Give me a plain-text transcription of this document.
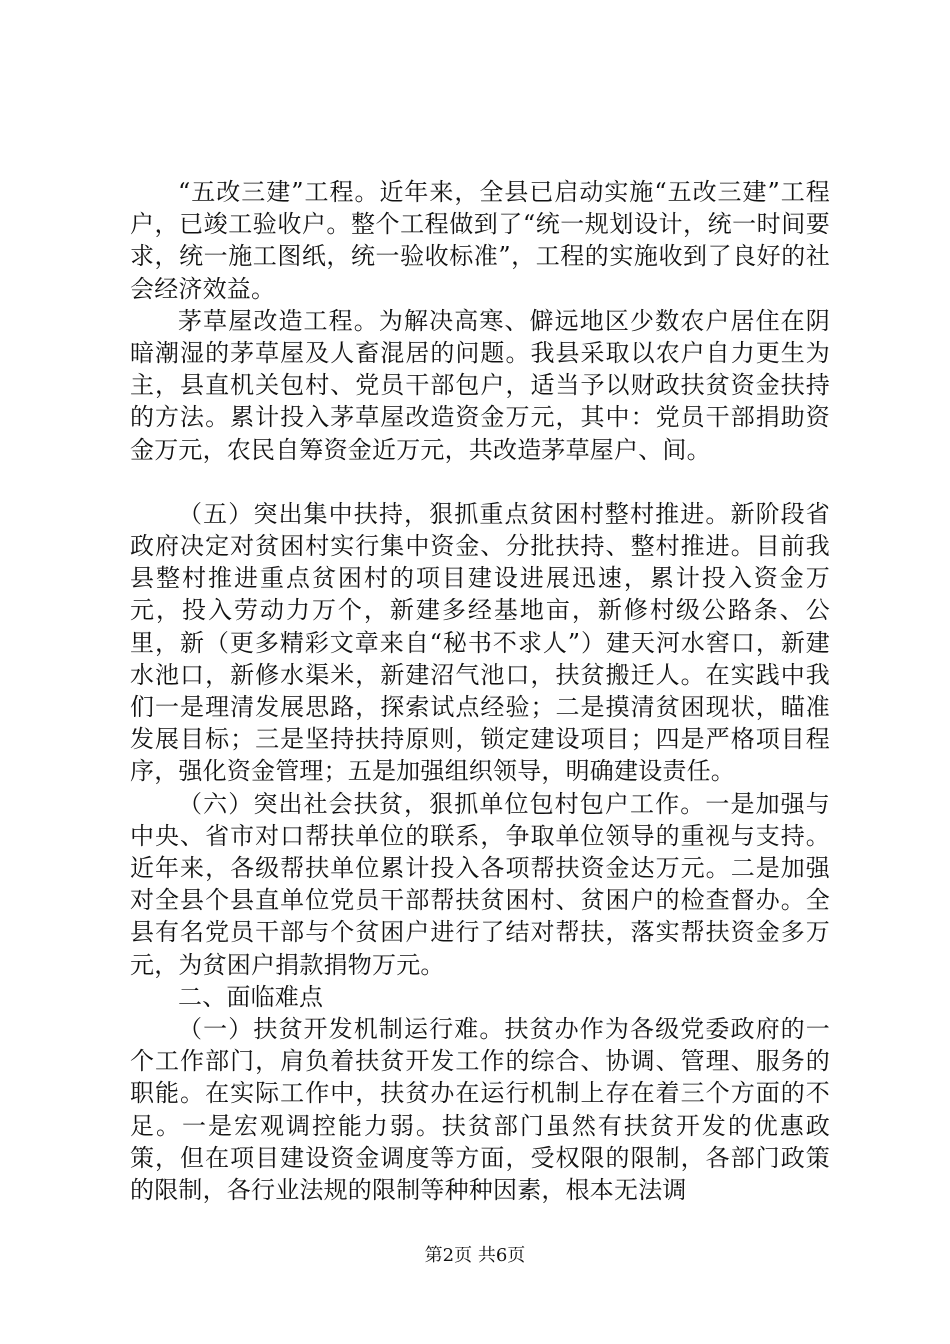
“五改三建”工程。近年来，全县已启动实施“五改三建”工程户，已竣工验收户。整个工程做到了“统一规划设计，统一时间要求，统一施工图纸，统一验收标准”，工程的实施收到了良好的社会经济效益。

茅草屋改造工程。为解决高寒、僻远地区少数农户居住在阴暗潮湿的茅草屋及人畜混居的问题。我县采取以农户自力更生为主，县直机关包村、党员干部包户，适当予以财政扶贫资金扶持的方法。累计投入茅草屋改造资金万元，其中：党员干部捐助资金万元，农民自筹资金近万元，共改造茅草屋户、间。

（五）突出集中扶持，狠抓重点贫困村整村推进。新阶段省政府决定对贫困村实行集中资金、分批扶持、整村推进。目前我县整村推进重点贫困村的项目建设进展迅速，累计投入资金万元，投入劳动力万个，新建多经基地亩，新修村级公路条、公里，新（更多精彩文章来自“秘书不求人”）建天河水窖口，新建水池口，新修水渠米，新建沼气池口，扶贫搬迁人。在实践中我们一是理清发展思路，探索试点经验；二是摸清贫困现状，瞄准发展目标；三是坚持扶持原则，锁定建设项目；四是严格项目程序，强化资金管理；五是加强组织领导，明确建设责任。

（六）突出社会扶贫，狠抓单位包村包户工作。一是加强与中央、省市对口帮扶单位的联系，争取单位领导的重视与支持。近年来，各级帮扶单位累计投入各项帮扶资金达万元。二是加强对全县个县直单位党员干部帮扶贫困村、贫困户的检查督办。全县有名党员干部与个贫困户进行了结对帮扶，落实帮扶资金多万元，为贫困户捐款捐物万元。

二、面临难点

（一）扶贫开发机制运行难。扶贫办作为各级党委政府的一个工作部门，肩负着扶贫开发工作的综合、协调、管理、服务的职能。在实际工作中，扶贫办在运行机制上存在着三个方面的不足。一是宏观调控能力弱。扶贫部门虽然有扶贫开发的优惠政策，但在项目建设资金调度等方面，受权限的限制，各部门政策的限制，各行业法规的限制等种种因素，根本无法调

第2页 共6页
